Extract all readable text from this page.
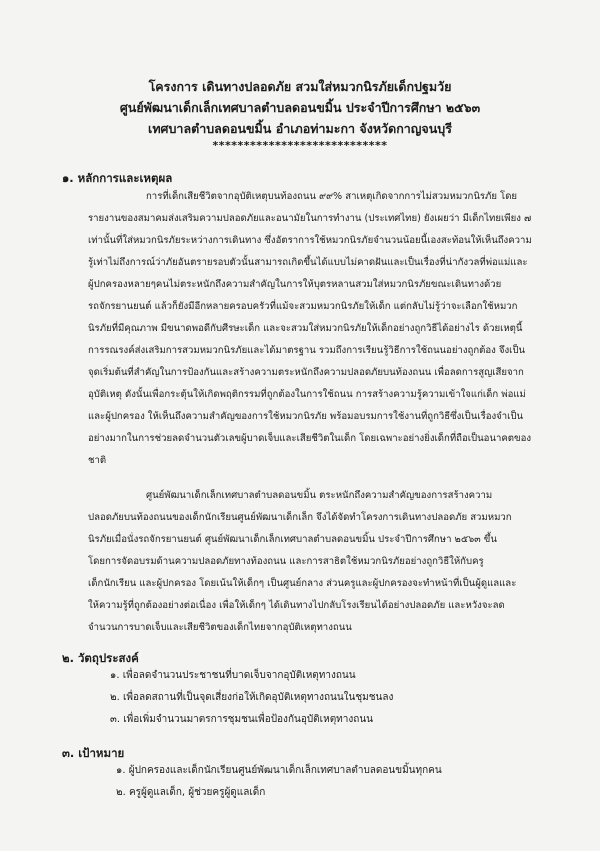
โครงการ เดินทางปลอดภัย สวมใส่หมวกนิรภัยเด็กปฐมวัย
ศูนย์พัฒนาเด็กเล็กเทศบาลตำบลดอนขมิ้น ประจำปีการศึกษา ๒๕๖๓
เทศบาลตำบลดอนขมิ้น อำเภอท่ามะกา จังหวัดกาญจนบุรี
****************************
๑. หลักการและเหตุผล
การที่เด็กเสียชีวิตจากอุบัติเหตุบนท้องถนน ๙๙% สาเหตุเกิดจากการไม่สวมหมวกนิรภัย โดย
รายงานของสมาคมส่งเสริมความปลอดภัยและอนามัยในการทำงาน (ประเทศไทย) ยังเผยว่า มีเด็กไทยเพียง ๗
เท่านั้นที่ใส่หมวกนิรภัยระหว่างการเดินทาง ซึ่งอัตราการใช้หมวกนิรภัยจำนวนน้อยนี้เองสะท้อนให้เห็นถึงความ
รู้เท่าไม่ถึงการณ์ว่าภัยอันตรายรอบตัวนั้นสามารถเกิดขึ้นได้แบบไม่คาดฝันและเป็นเรื่องที่น่ากังวลที่พ่อแม่และ
ผู้ปกครองหลายๆคนไม่ตระหนักถึงความสำคัญในการให้บุตรหลานสวมใส่หมวกนิรภัยขณะเดินทางด้วย
รถจักรยานยนต์ แล้วก็ยังมีอีกหลายครอบครัวที่แม้จะสวมหมวกนิรภัยให้เด็ก แต่กลับไม่รู้ว่าจะเลือกใช้หมวก
นิรภัยที่มีคุณภาพ มีขนาดพอดีกับศีรษะเด็ก และจะสวมใส่หมวกนิรภัยให้เด็กอย่างถูกวิธีได้อย่างไร ด้วยเหตุนี้
การรณรงค์ส่งเสริมการสวมหมวกนิรภัยและได้มาตรฐาน รวมถึงการเรียนรู้วิธีการใช้ถนนอย่างถูกต้อง จึงเป็น
จุดเริ่มต้นที่สำคัญในการป้องกันและสร้างความตระหนักถึงความปลอดภัยบนท้องถนน เพื่อลดการสูญเสียจาก
อุบัติเหตุ ดังนั้นเพื่อกระตุ้นให้เกิดพฤติกรรมที่ถูกต้องในการใช้ถนน การสร้างความรู้ความเข้าใจแก่เด็ก พ่อแม่
และผู้ปกครอง ให้เห็นถึงความสำคัญของการใช้หมวกนิรภัย พร้อมอบรมการใช้งานที่ถูกวิธีซึ่งเป็นเรื่องจำเป็น
อย่างมากในการช่วยลดจำนวนตัวเลขผู้บาดเจ็บและเสียชีวิตในเด็ก โดยเฉพาะอย่างยิ่งเด็กที่ถือเป็นอนาคตของ
ชาติ
ศูนย์พัฒนาเด็กเล็กเทศบาลตำบลดอนขมิ้น ตระหนักถึงความสำคัญของการสร้างความ
ปลอดภัยบนท้องถนนของเด็กนักเรียนศูนย์พัฒนาเด็กเล็ก จึงได้จัดทำโครงการเดินทางปลอดภัย สวมหมวก
นิรภัยเมื่อนั่งรถจักรยานยนต์ ศูนย์พัฒนาเด็กเล็กเทศบาลตำบลดอนขมิ้น ประจำปีการศึกษา ๒๕๖๓ ขึ้น
โดยการจัดอบรมด้านความปลอดภัยทางท้องถนน และการสาธิตใช้หมวกนิรภัยอย่างถูกวิธีให้กับครู
เด็กนักเรียน และผู้ปกครอง โดยเน้นให้เด็กๆ เป็นศูนย์กลาง ส่วนครูและผู้ปกครองจะทำหน้าที่เป็นผู้ดูแลและ
ให้ความรู้ที่ถูกต้องอย่างต่อเนื่อง เพื่อให้เด็กๆ ได้เดินทางไปกลับโรงเรียนได้อย่างปลอดภัย และหวังจะลด
จำนวนการบาดเจ็บและเสียชีวิตของเด็กไทยจากอุบัติเหตุทางถนน
๒. วัตถุประสงค์
๑. เพื่อลดจำนวนประชาชนที่บาดเจ็บจากอุบัติเหตุทางถนน
๒. เพื่อลดสถานที่เป็นจุดเสี่ยงก่อให้เกิดอุบัติเหตุทางถนนในชุมชนลง
๓. เพื่อเพิ่มจำนวนมาตรการชุมชนเพื่อป้องกันอุบัติเหตุทางถนน
๓. เป้าหมาย
๑. ผู้ปกครองและเด็กนักเรียนศูนย์พัฒนาเด็กเล็กเทศบาลตำบลดอนขมิ้นทุกคน
๒. ครูผู้ดูแลเด็ก, ผู้ช่วยครูผู้ดูแลเด็ก
